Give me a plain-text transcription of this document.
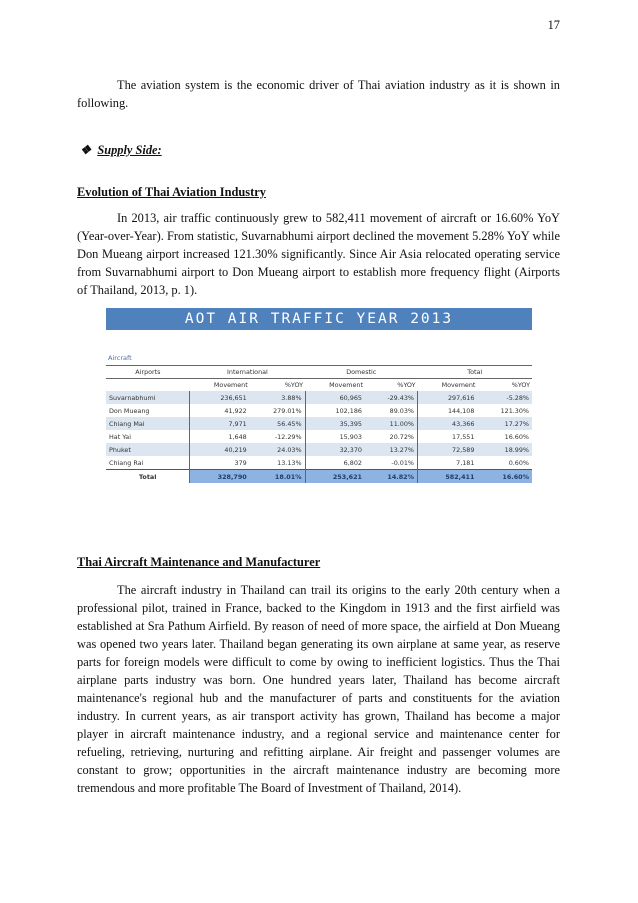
17

The aviation system is the economic driver of Thai aviation industry as it is shown in following.

❖ Supply Side:
Evolution of Thai Aviation Industry

In 2013, air traffic continuously grew to 582,411 movement of aircraft or 16.60% YoY (Year-over-Year). From statistic, Suvarnabhumi airport declined the movement 5.28% YoY while Don Mueang airport increased 121.30% significantly. Since Air Asia relocated operating service from Suvarnabhumi airport to Don Mueang airport to establish more frequency flight (Airports of Thailand, 2013, p. 1).

AOT AIR TRAFFIC YEAR 2013
Aircraft
Airports	International		Domestic		Total	
	Movement	%YOY	Movement	%YOY	Movement	%YOY
Suvarnabhumi	236,651	3.88%	60,965	-29.43%	297,616	-5.28%
Don Mueang	41,922	279.01%	102,186	89.03%	144,108	121.30%
Chiang Mai	7,971	56.45%	35,395	11.00%	43,366	17.27%
Hat Yai	1,648	-12.29%	15,903	20.72%	17,551	16.60%
Phuket	40,219	24.03%	32,370	13.27%	72,589	18.99%
Chiang Rai	379	13.13%	6,802	-0.01%	7,181	0.60%
Total	328,790	18.01%	253,621	14.82%	582,411	16.60%
Thai Aircraft Maintenance and Manufacturer

The aircraft industry in Thailand can trail its origins to the early 20th century when a professional pilot, trained in France, backed to the Kingdom in 1913 and the first airfield was established at Sra Pathum Airfield. By reason of need of more space, the airfield at Don Mueang was opened two years later. Thailand began generating its own airplane at same year, as reserve parts for foreign models were difficult to come by owing to inefficient logistics. Thus the Thai airplane parts industry was born. One hundred years later, Thailand has become aircraft maintenance's regional hub and the manufacturer of parts and constituents for the aviation industry. In current years, as air transport activity has grown, Thailand has become a major player in aircraft maintenance industry, and a regional service and maintenance center for refueling, retrieving, nurturing and refitting airplane. Air freight and passenger volumes are constant to grow; opportunities in the aircraft maintenance industry are becoming more tremendous and more profitable The Board of Investment of Thailand, 2014).
